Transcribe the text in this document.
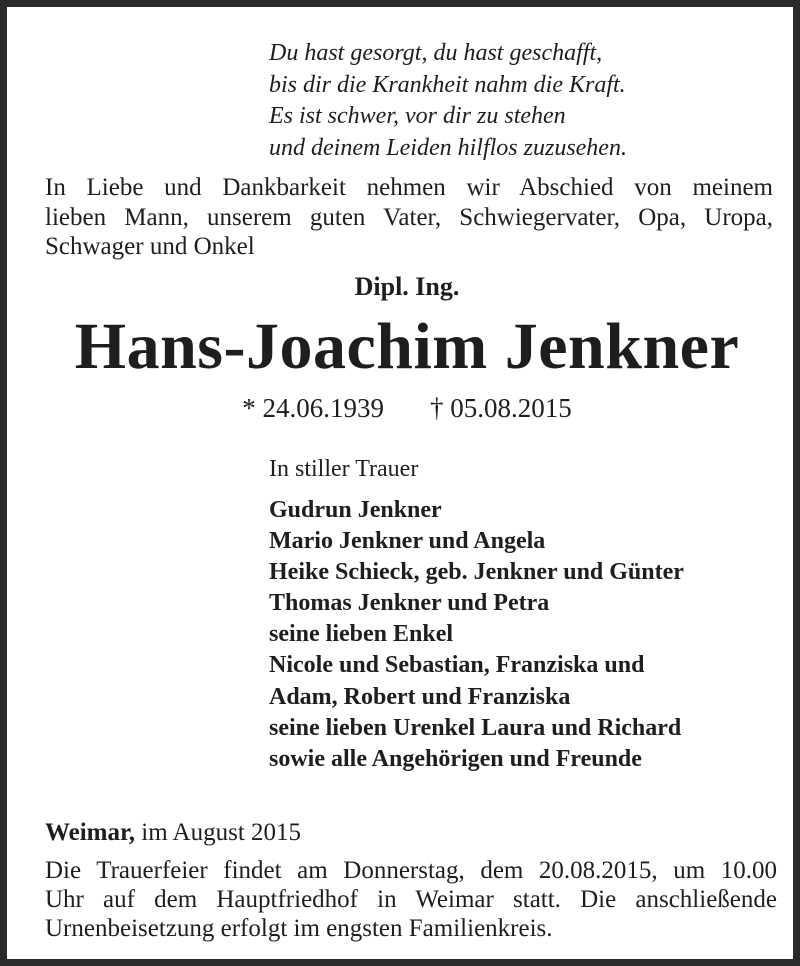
Du hast gesorgt, du hast geschafft,
bis dir die Krankheit nahm die Kraft.
Es ist schwer, vor dir zu stehen
und deinem Leiden hilflos zuzusehen.
In Liebe und Dankbarkeit nehmen wir Abschied von meinem
lieben Mann, unserem guten Vater, Schwiegervater, Opa, Uropa,
Schwager und Onkel
Dipl. Ing.
Hans-Joachim Jenkner
* 24.06.1939 † 05.08.2015
In stiller Trauer
Gudrun Jenkner
Mario Jenkner und Angela
Heike Schieck, geb. Jenkner und Günter
Thomas Jenkner und Petra
seine lieben Enkel
Nicole und Sebastian, Franziska und
Adam, Robert und Franziska
seine lieben Urenkel Laura und Richard
sowie alle Angehörigen und Freunde
Weimar, im August 2015
Die Trauerfeier findet am Donnerstag, dem 20.08.2015, um 10.00
Uhr auf dem Hauptfriedhof in Weimar statt. Die anschließende
Urnenbeisetzung erfolgt im engsten Familienkreis.
